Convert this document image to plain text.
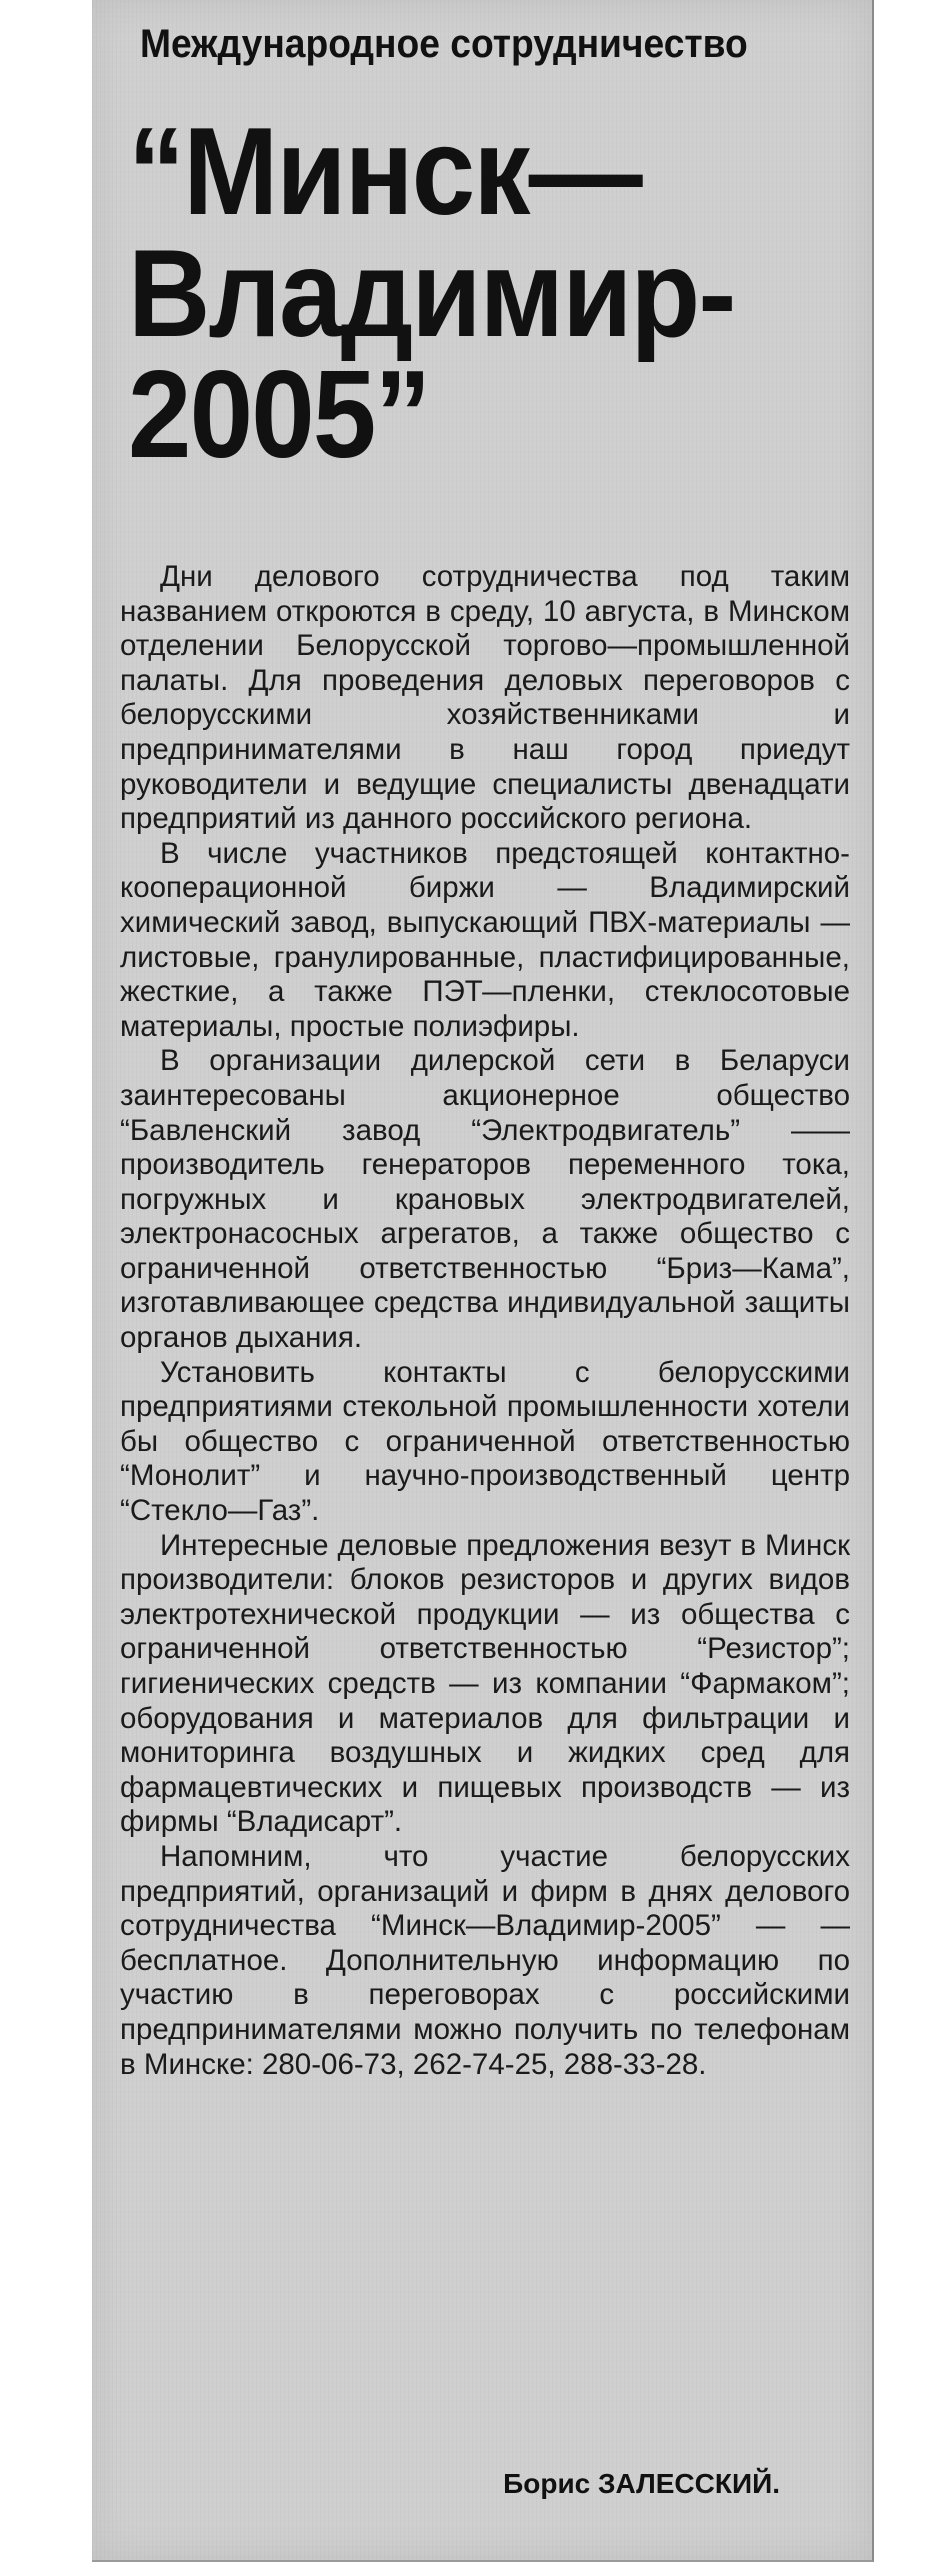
Международное сотрудничество
“Минск—
Владимир-
2005”

Дни делового сотрудничества под таким названием откроются в среду, 10 августа, в Минском отделении Белорусской торгово—промышленной палаты. Для проведения деловых переговоров с белорусскими хозяйственниками и предпринимателями в наш город приедут руководители и ведущие специалисты двенадцати предприятий из данного российского региона.

В числе участников предстоящей контактно-кооперационной биржи — Владимирский химический завод, выпускающий ПВХ-материалы — листовые, гранулированные, пластифицированные, жесткие, а также ПЭТ—пленки, стеклосотовые материалы, простые полиэфиры.

В организации дилерской сети в Беларуси заинтересованы акционерное общество “Бавленский завод “Электродвигатель” —— производитель генераторов переменного тока, погружных и крановых электродвигателей, электронасосных агрегатов, а также общество с ограниченной ответственностью “Бриз—Кама”, изготавливающее средства индивидуальной защиты органов дыхания.

Установить контакты с белорусскими предприятиями стекольной промышленности хотели бы общество с ограниченной ответственностью “Монолит” и научно-производственный центр “Стекло—Газ”.

Интересные деловые предложения везут в Минск производители: блоков резисторов и других видов электротехнической продукции — из общества с ограниченной ответственностью “Резистор”; гигиенических средств — из компании “Фармаком”; оборудования и материалов для фильтрации и мониторинга воздушных и жидких сред для фармацевтических и пищевых производств — из фирмы “Владисарт”.

Напомним, что участие белорусских предприятий, организаций и фирм в днях делового сотрудничества “Минск—Владимир-2005” — — бесплатное. Дополнительную информацию по участию в переговорах с российскими предпринимателями можно получить по телефонам в Минске: 280-06-73, 262-74-25, 288-33-28.

Борис ЗАЛЕССКИЙ.
